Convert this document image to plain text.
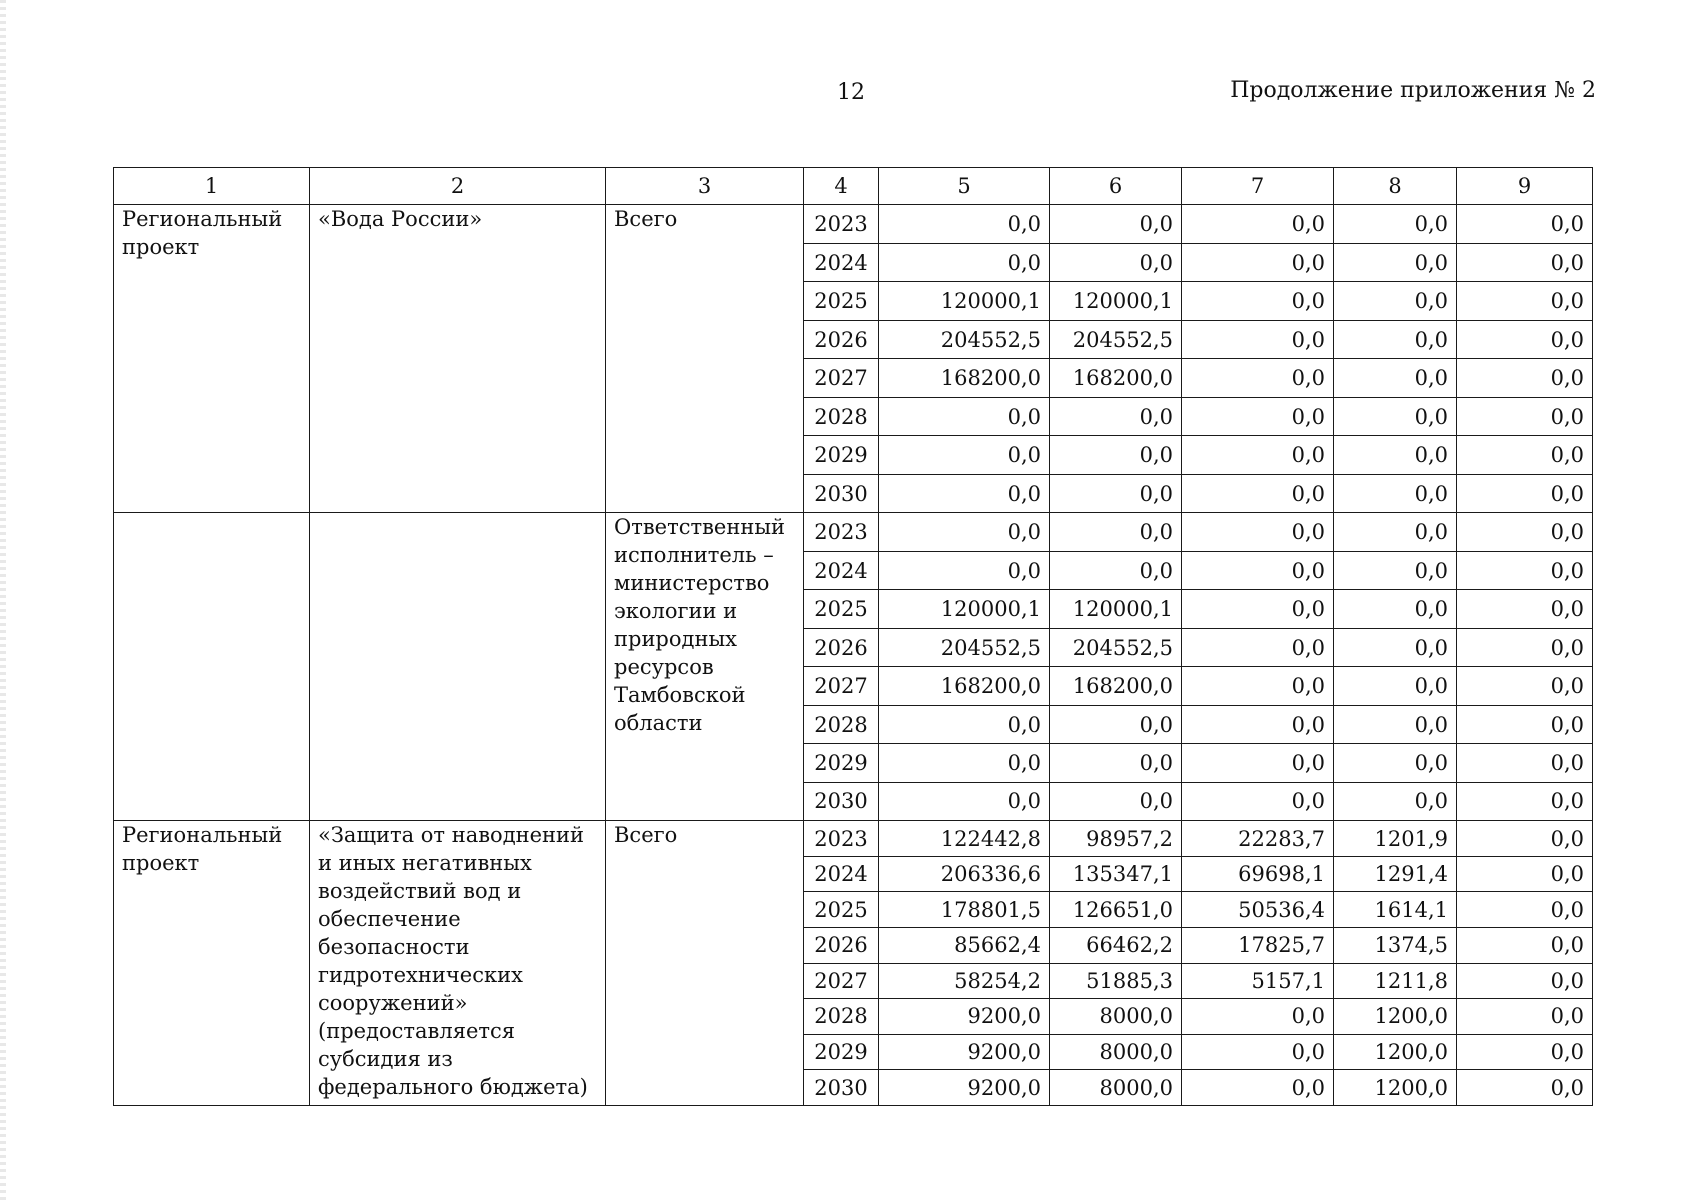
12	Продолжение приложения № 2
1	2	3	4	5	6	7	8	9
Региональный проект	«Вода России»	Всего	2023	0,0	0,0	0,0	0,0	0,0
			2024	0,0	0,0	0,0	0,0	0,0
			2025	120000,1	120000,1	0,0	0,0	0,0
			2026	204552,5	204552,5	0,0	0,0	0,0
			2027	168200,0	168200,0	0,0	0,0	0,0
			2028	0,0	0,0	0,0	0,0	0,0
			2029	0,0	0,0	0,0	0,0	0,0
			2030	0,0	0,0	0,0	0,0	0,0
		Ответственный исполнитель – министерство экологии и природных ресурсов Тамбовской области	2023	0,0	0,0	0,0	0,0	0,0
			2024	0,0	0,0	0,0	0,0	0,0
			2025	120000,1	120000,1	0,0	0,0	0,0
			2026	204552,5	204552,5	0,0	0,0	0,0
			2027	168200,0	168200,0	0,0	0,0	0,0
			2028	0,0	0,0	0,0	0,0	0,0
			2029	0,0	0,0	0,0	0,0	0,0
			2030	0,0	0,0	0,0	0,0	0,0
Региональный проект	«Защита от наводнений и иных негативных воздействий вод и обеспечение безопасности гидротехнических сооружений» (предоставляется субсидия из федерального бюджета)	Всего	2023	122442,8	98957,2	22283,7	1201,9	0,0
			2024	206336,6	135347,1	69698,1	1291,4	0,0
			2025	178801,5	126651,0	50536,4	1614,1	0,0
			2026	85662,4	66462,2	17825,7	1374,5	0,0
			2027	58254,2	51885,3	5157,1	1211,8	0,0
			2028	9200,0	8000,0	0,0	1200,0	0,0
			2029	9200,0	8000,0	0,0	1200,0	0,0
			2030	9200,0	8000,0	0,0	1200,0	0,0
